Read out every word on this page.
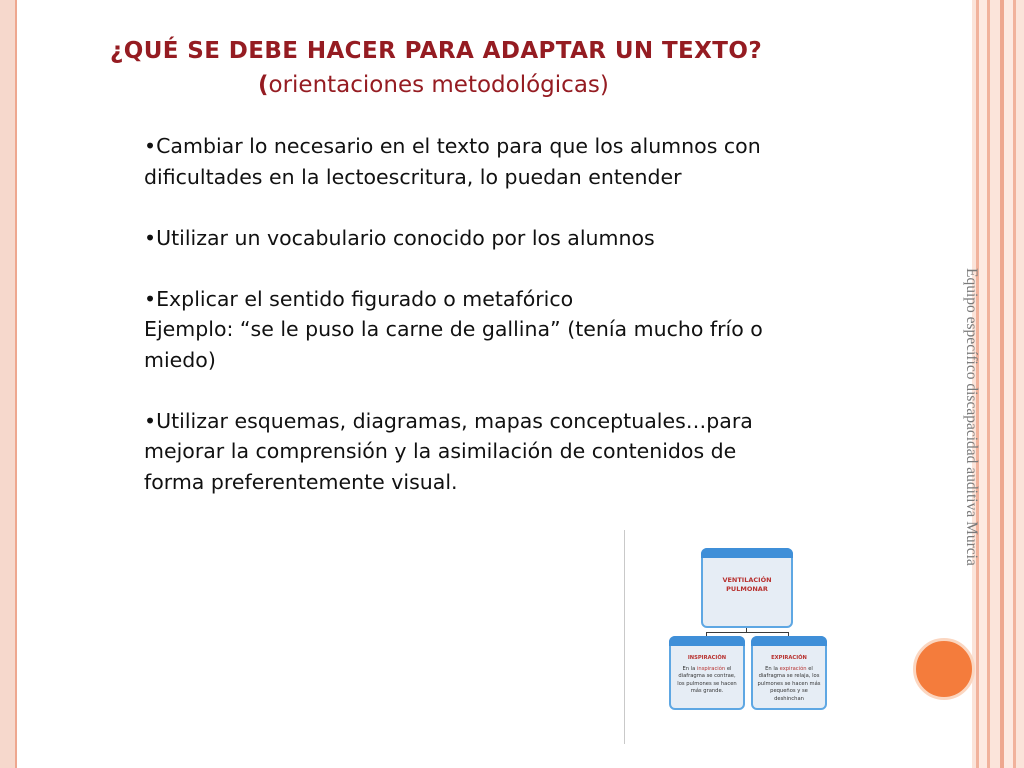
¿QUÉ SE DEBE HACER PARA ADAPTAR UN TEXTO?
(orientaciones metodológicas)

•Cambiar lo necesario en el texto para que los alumnos con dificultades en la lectoescritura, lo puedan entender

•Utilizar un vocabulario conocido por los alumnos

•Explicar el sentido figurado o metafórico

Ejemplo: “se le puso la carne de gallina” (tenía mucho frío o miedo)

•Utilizar esquemas, diagramas, mapas conceptuales…para mejorar la comprensión y la asimilación de contenidos de forma preferentemente visual.	Equipo específico discapacidad auditiva Murcia
VENTILACIÓN PULMONAR
INSPIRACIÓN
En la inspiración el diafragma se contrae, los pulmones se hacen más grande.
EXPIRACIÓN
En la expiración el diafragma se relaja, los pulmones se hacen más pequeños y se deshinchan
